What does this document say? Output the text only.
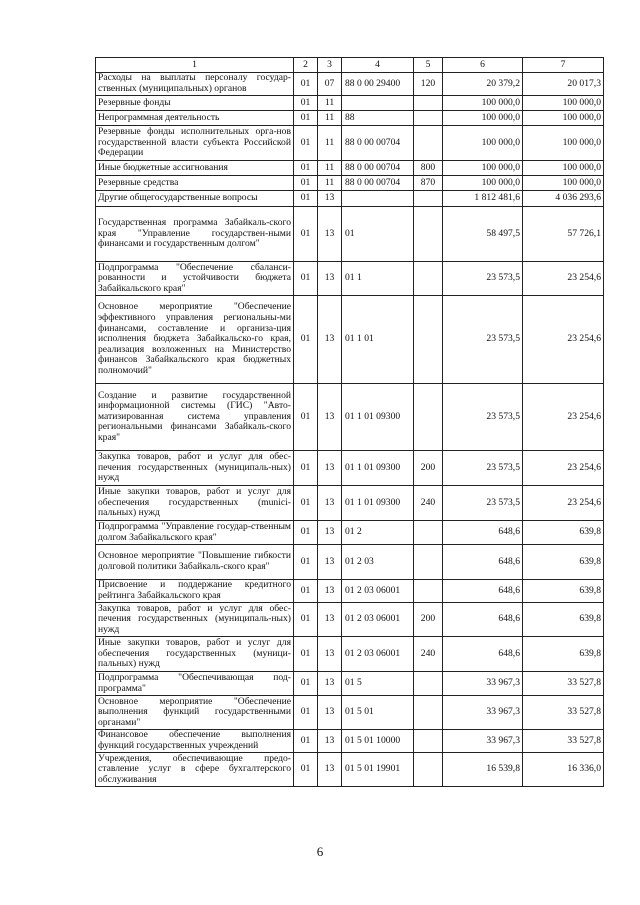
1	2	3	4	5	6	7
Расходы на выплаты персоналу государ-ственных (муниципальных) органов	01	07	88 0 00 29400	120	20 379,2	20 017,3
Резервные фонды	01	11			100 000,0	100 000,0
Непрограммная деятельность	01	11	88		100 000,0	100 000,0
Резервные фонды исполнительных орга-нов государственной власти субъекта Российской Федерации	01	11	88 0 00 00704		100 000,0	100 000,0
Иные бюджетные ассигнования	01	11	88 0 00 00704	800	100 000,0	100 000,0
Резервные средства	01	11	88 0 00 00704	870	100 000,0	100 000,0
Другие общегосударственные вопросы	01	13			1 812 481,6	4 036 293,6
Государственная программа Забайкаль-ского края "Управление государствен-ными финансами и государственным долгом"	01	13	01		58 497,5	57 726,1
Подпрограмма "Обеспечение сбаланси-рованности и устойчивости бюджета Забайкальского края"	01	13	01 1		23 573,5	23 254,6
Основное мероприятие "Обеспечение эффективного управления региональны-ми финансами, составление и организа-ция исполнения бюджета Забайкальско-го края, реализация возложенных на Министерство финансов Забайкальского края бюджетных полномочий"	01	13	01 1 01		23 573,5	23 254,6
Создание и развитие государственной информационной системы (ГИС) "Авто-матизированная система управления региональными финансами Забайкаль-ского края"	01	13	01 1 01 09300		23 573,5	23 254,6
Закупка товаров, работ и услуг для обес-печения государственных (муниципаль-ных) нужд	01	13	01 1 01 09300	200	23 573,5	23 254,6
Иные закупки товаров, работ и услуг для обеспечения государственных (munici-пальных) нужд	01	13	01 1 01 09300	240	23 573,5	23 254,6
Подпрограмма "Управление государ-ственным долгом Забайкальского края"	01	13	01 2		648,6	639,8
Основное мероприятие "Повышение гибкости долговой политики Забайкаль-ского края"	01	13	01 2 03		648,6	639,8
Присвоение и поддержание кредитного рейтинга Забайкальского края	01	13	01 2 03 06001		648,6	639,8
Закупка товаров, работ и услуг для обес-печения государственных (муниципаль-ных) нужд	01	13	01 2 03 06001	200	648,6	639,8
Иные закупки товаров, работ и услуг для обеспечения государственных (муници-пальных) нужд	01	13	01 2 03 06001	240	648,6	639,8
Подпрограмма "Обеспечивающая под-программа"	01	13	01 5		33 967,3	33 527,8
Основное мероприятие "Обеспечение выполнения функций государственными органами"	01	13	01 5 01		33 967,3	33 527,8
Финансовое обеспечение выполнения функций государственных учреждений	01	13	01 5 01 10000		33 967,3	33 527,8
Учреждения, обеспечивающие предо-ставление услуг в сфере бухгалтерского обслуживания	01	13	01 5 01 19901		16 539,8	16 336,0
6
